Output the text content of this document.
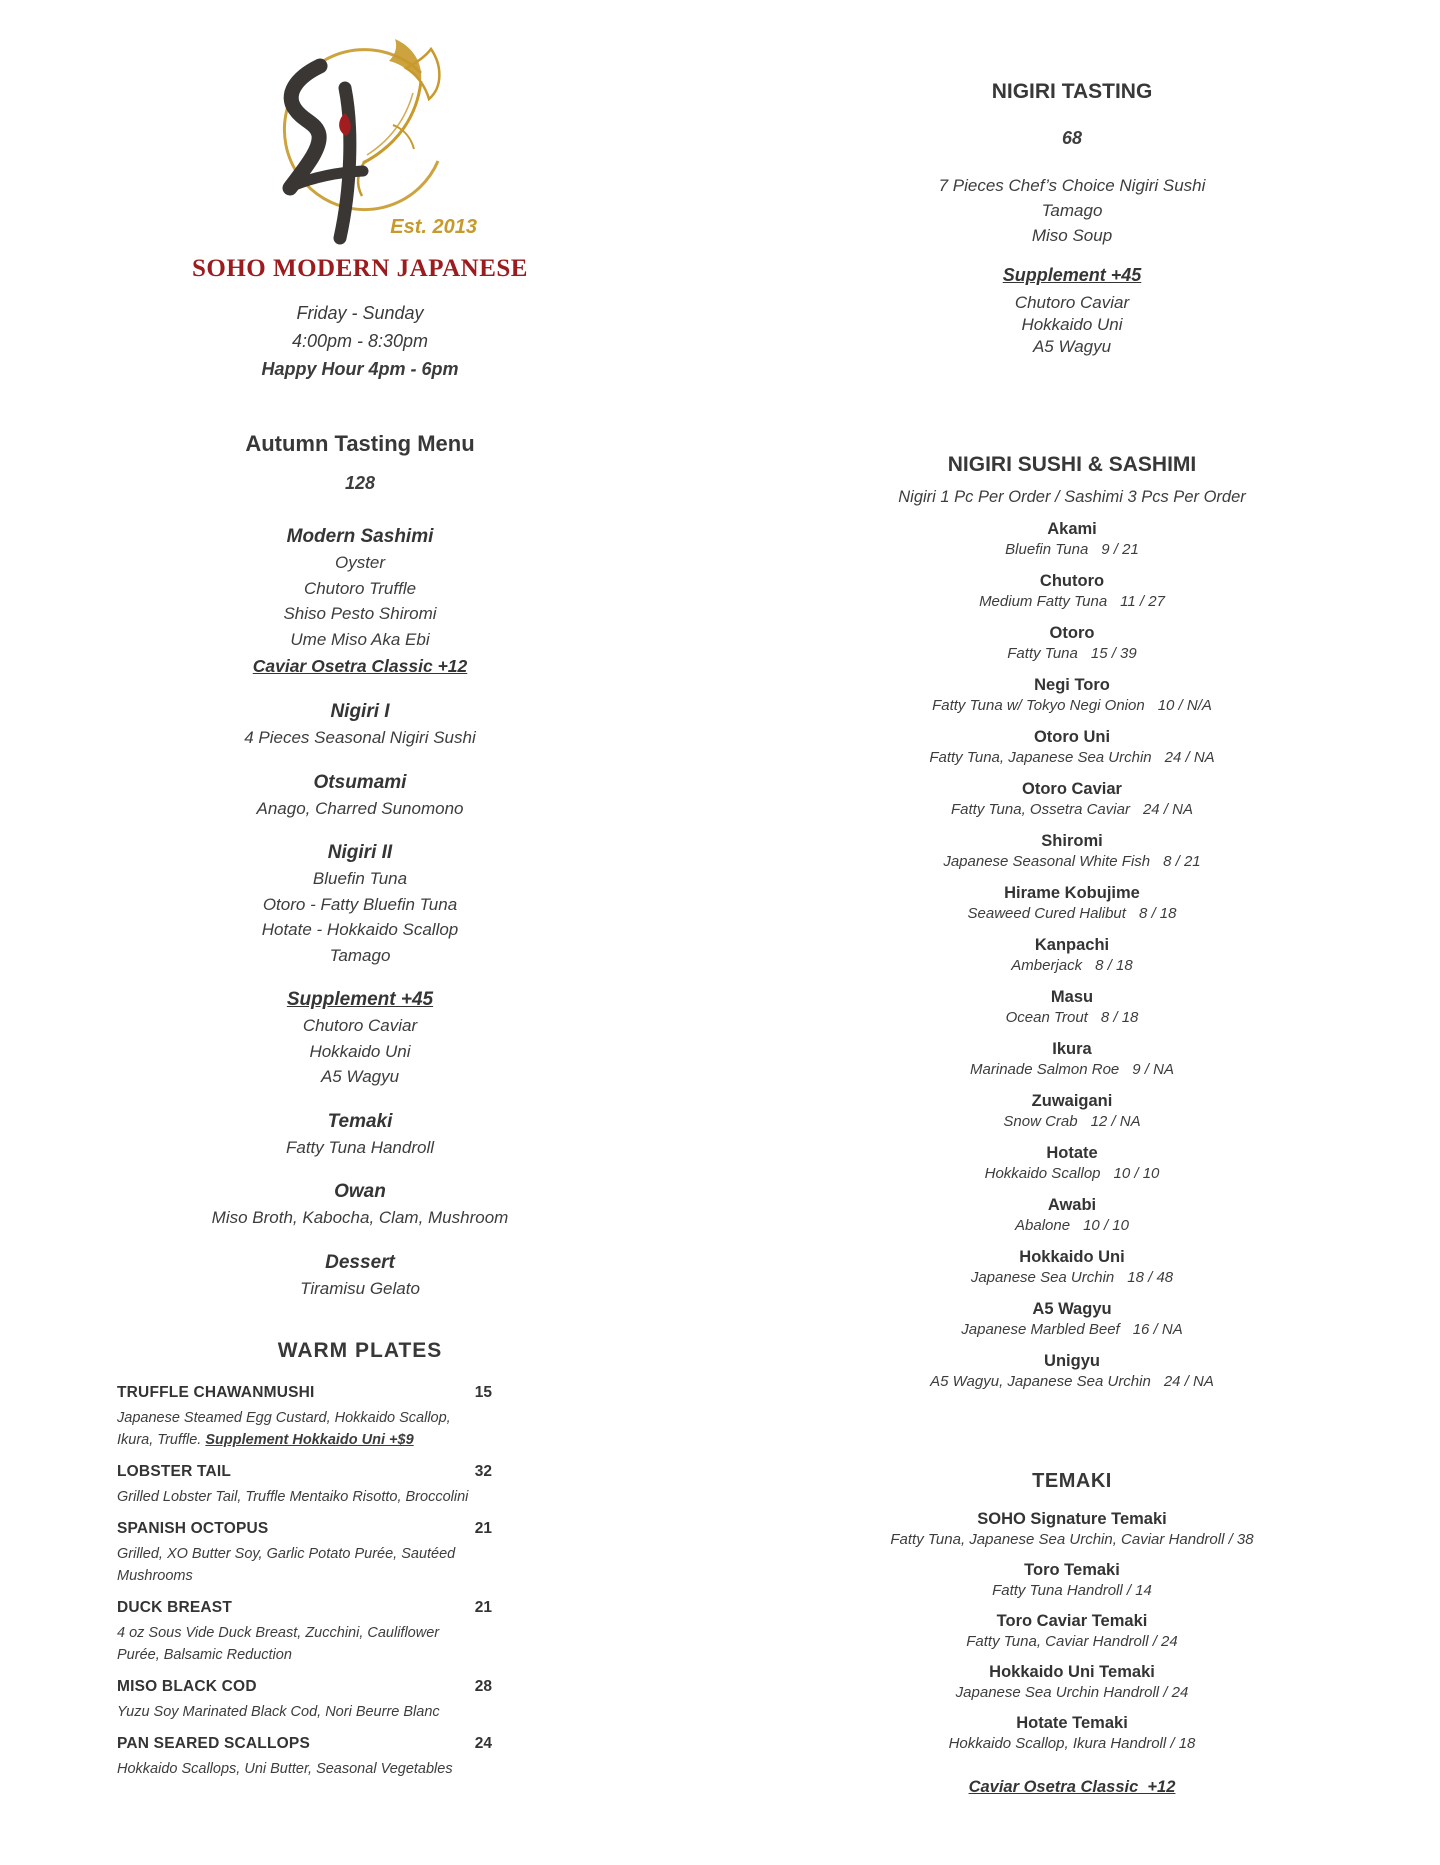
Est. 2013
SOHO MODERN JAPANESE
Friday - Sunday
4:00pm - 8:30pm
Happy Hour 4pm - 6pm
Autumn Tasting Menu
128
Modern Sashimi
Oyster
Chutoro Truffle
Shiso Pesto Shiromi
Ume Miso Aka Ebi
Caviar Osetra Classic +12
Nigiri I
4 Pieces Seasonal Nigiri Sushi
Otsumami
Anago, Charred Sunomono
Nigiri II
Bluefin Tuna
Otoro - Fatty Bluefin Tuna
Hotate - Hokkaido Scallop
Tamago
Supplement +45
Chutoro Caviar
Hokkaido Uni
A5 Wagyu
Temaki
Fatty Tuna Handroll
Owan
Miso Broth, Kabocha, Clam, Mushroom
Dessert
Tiramisu Gelato
WARM PLATES
TRUFFLE CHAWANMUSHI	15
Japanese Steamed Egg Custard, Hokkaido Scallop, Ikura, Truffle. Supplement Hokkaido Uni +$9
LOBSTER TAIL	32
Grilled Lobster Tail, Truffle Mentaiko Risotto, Broccolini
SPANISH OCTOPUS	21
Grilled, XO Butter Soy, Garlic Potato Purée, Sautéed Mushrooms
DUCK BREAST	21
4 oz Sous Vide Duck Breast, Zucchini, Cauliflower Purée, Balsamic Reduction
MISO BLACK COD	28
Yuzu Soy Marinated Black Cod, Nori Beurre Blanc
PAN SEARED SCALLOPS	24
Hokkaido Scallops, Uni Butter, Seasonal Vegetables
NIGIRI TASTING
68
7 Pieces Chef’s Choice Nigiri Sushi
Tamago
Miso Soup
Supplement +45
Chutoro Caviar
Hokkaido Uni
A5 Wagyu
NIGIRI SUSHI & SASHIMI
Nigiri 1 Pc Per Order / Sashimi 3 Pcs Per Order
Akami
Bluefin Tuna 9 / 21
Chutoro
Medium Fatty Tuna 11 / 27
Otoro
Fatty Tuna 15 / 39
Negi Toro
Fatty Tuna w/ Tokyo Negi Onion 10 / N/A
Otoro Uni
Fatty Tuna, Japanese Sea Urchin 24 / NA
Otoro Caviar
Fatty Tuna, Ossetra Caviar 24 / NA
Shiromi
Japanese Seasonal White Fish 8 / 21
Hirame Kobujime
Seaweed Cured Halibut 8 / 18
Kanpachi
Amberjack 8 / 18
Masu
Ocean Trout 8 / 18
Ikura
Marinade Salmon Roe 9 / NA
Zuwaigani
Snow Crab 12 / NA
Hotate
Hokkaido Scallop 10 / 10
Awabi
Abalone 10 / 10
Hokkaido Uni
Japanese Sea Urchin 18 / 48
A5 Wagyu
Japanese Marbled Beef 16 / NA
Unigyu
A5 Wagyu, Japanese Sea Urchin 24 / NA
TEMAKI
SOHO Signature Temaki
Fatty Tuna, Japanese Sea Urchin, Caviar Handroll / 38
Toro Temaki
Fatty Tuna Handroll / 14
Toro Caviar Temaki
Fatty Tuna, Caviar Handroll / 24
Hokkaido Uni Temaki
Japanese Sea Urchin Handroll / 24
Hotate Temaki
Hokkaido Scallop, Ikura Handroll / 18
Caviar Osetra Classic  +12
